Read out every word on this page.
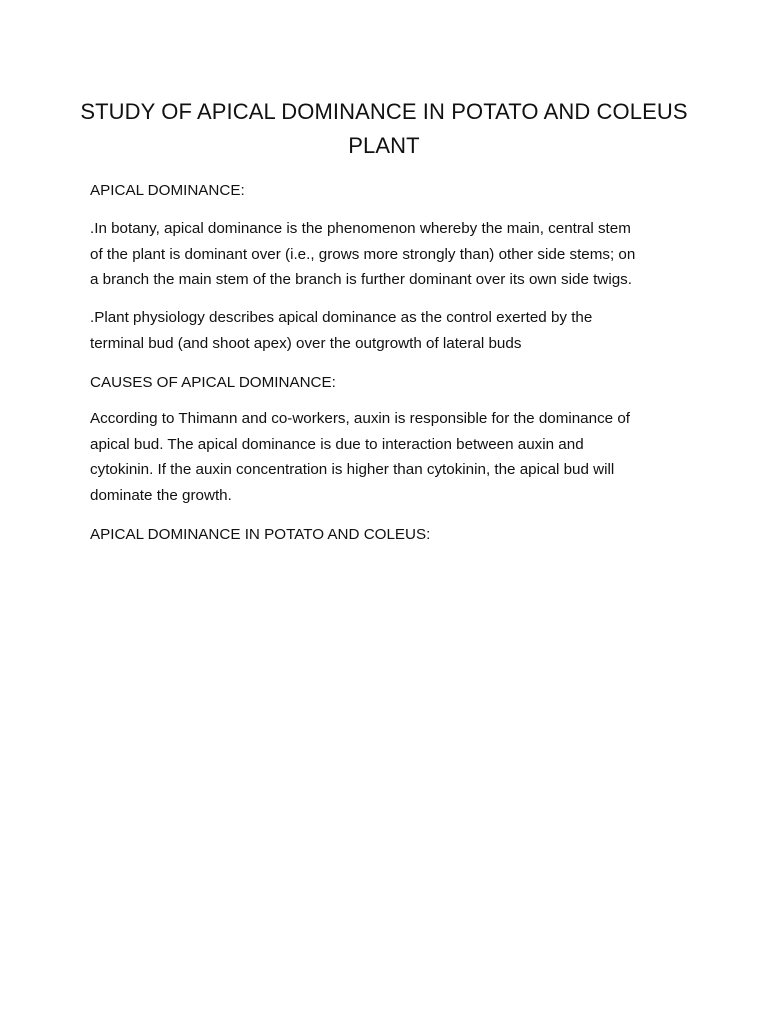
STUDY OF APICAL DOMINANCE IN POTATO AND COLEUS
PLANT

APICAL DOMINANCE:

.In botany, apical dominance is the phenomenon whereby the main, central stem
of the plant is dominant over (i.e., grows more strongly than) other side stems; on
a branch the main stem of the branch is further dominant over its own side twigs.

.Plant physiology describes apical dominance as the control exerted by the
terminal bud (and shoot apex) over the outgrowth of lateral buds

CAUSES OF APICAL DOMINANCE:

According to Thimann and co-workers, auxin is responsible for the dominance of
apical bud. The apical dominance is due to interaction between auxin and
cytokinin. If the auxin concentration is higher than cytokinin, the apical bud will
dominate the growth.

APICAL DOMINANCE IN POTATO AND COLEUS:
